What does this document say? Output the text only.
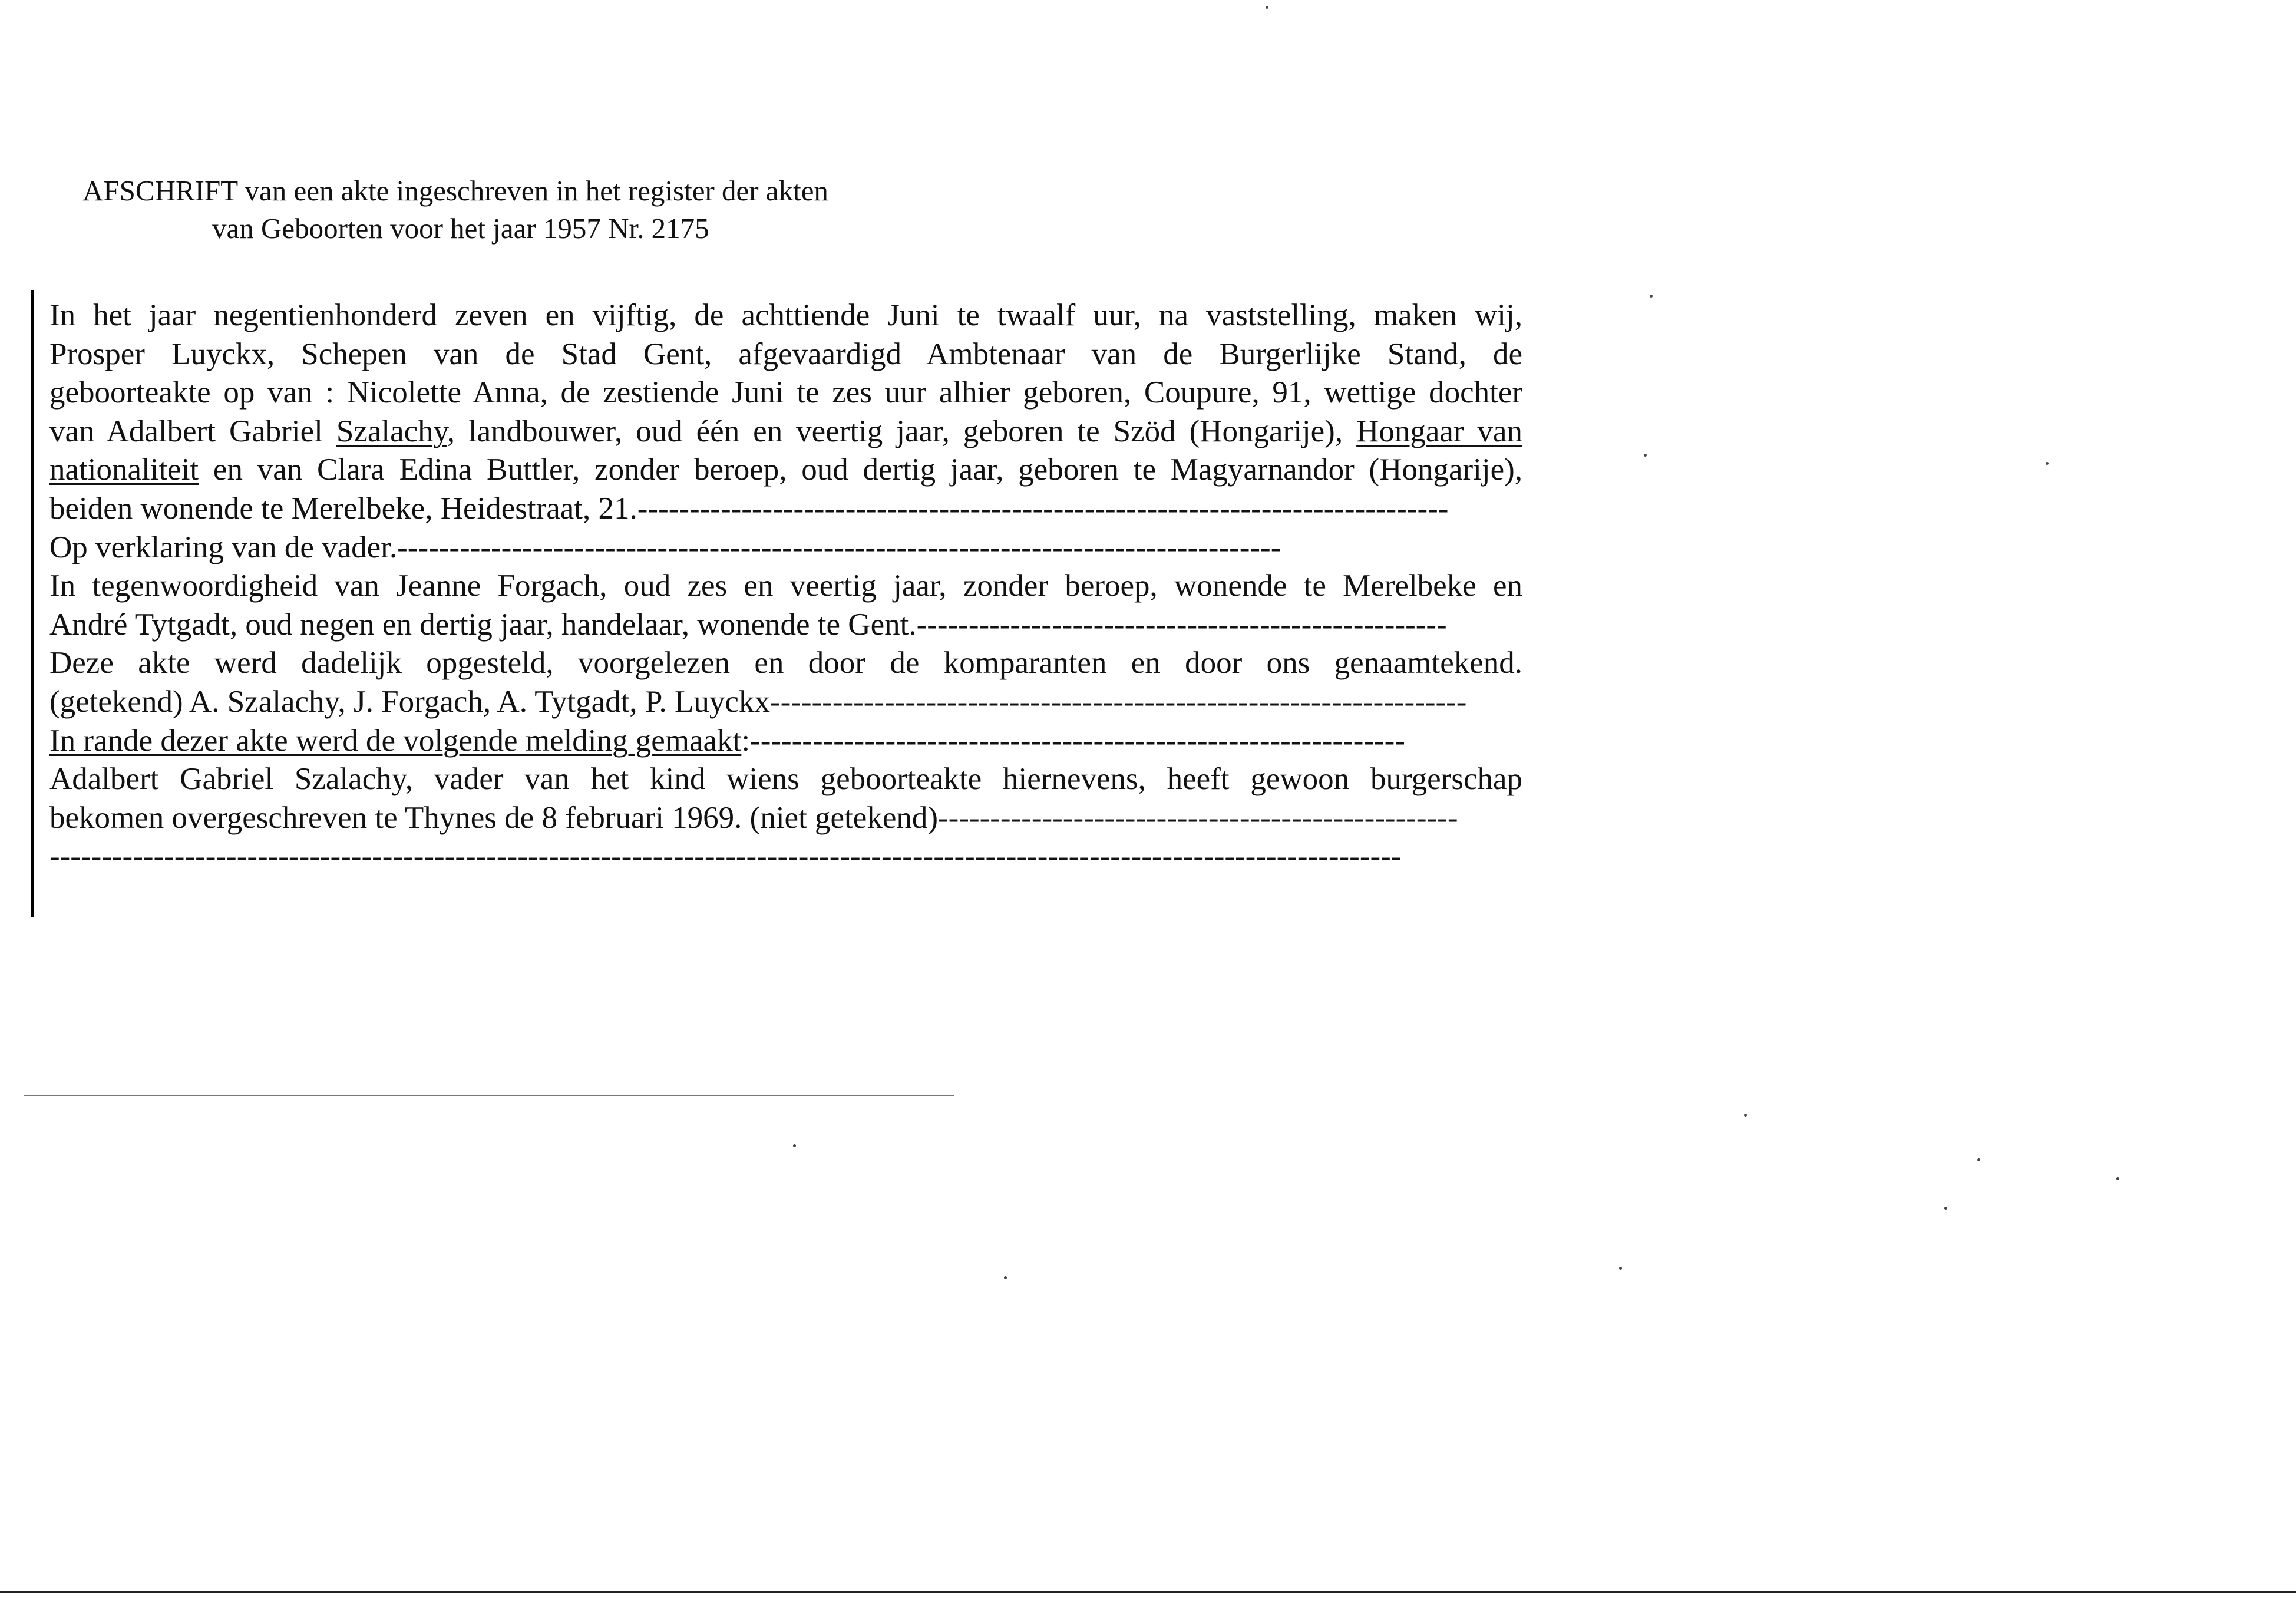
AFSCHRIFT van een akte ingeschreven in het register der akten
van Geboorten voor het jaar 1957 Nr. 2175
In het jaar negentienhonderd zeven en vijftig, de achttiende Juni te twaalf uur, na vaststelling, maken wij,
Prosper Luyckx, Schepen van de Stad Gent, afgevaardigd Ambtenaar van de Burgerlijke Stand, de
geboorteakte op van : Nicolette Anna, de zestiende Juni te zes uur alhier geboren, Coupure, 91, wettige dochter
van Adalbert Gabriel Szalachy, landbouwer, oud één en veertig jaar, geboren te Szöd (Hongarije), Hongaar van
nationaliteit en van Clara Edina Buttler, zonder beroep, oud dertig jaar, geboren te Magyarnandor (Hongarije),
beiden wonende te Merelbeke, Heidestraat, 21.------------------------------------------------------------------------------
Op verklaring van de vader.-------------------------------------------------------------------------------------
In tegenwoordigheid van Jeanne Forgach, oud zes en veertig jaar, zonder beroep, wonende te Merelbeke en
André Tytgadt, oud negen en dertig jaar, handelaar, wonende te Gent.---------------------------------------------------
Deze akte werd dadelijk opgesteld, voorgelezen en door de komparanten en door ons genaamtekend.
(getekend) A. Szalachy, J. Forgach, A. Tytgadt, P. Luyckx-------------------------------------------------------------------
In rande dezer akte werd de volgende melding gemaakt:---------------------------------------------------------------
Adalbert Gabriel Szalachy, vader van het kind wiens geboorteakte hiernevens, heeft gewoon burgerschap
bekomen overgeschreven te Thynes de 8 februari 1969. (niet getekend)--------------------------------------------------
----------------------------------------------------------------------------------------------------------------------------------
